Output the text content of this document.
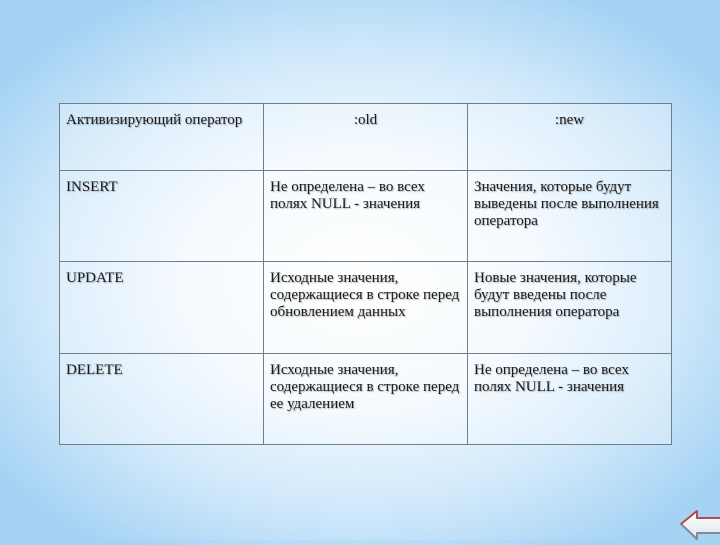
Активизирующий оператор	:old	:new
INSERT	Не определена – во всех полях NULL - значения	Значения, которые будут выведены после выполнения оператора
UPDATE	Исходные значения, содержащиеся в строке перед обновлением данных	Новые значения, которые будут введены после выполнения оператора
DELETE	Исходные значения, содержащиеся в строке перед ее удалением	Не определена – во всех полях NULL - значения
